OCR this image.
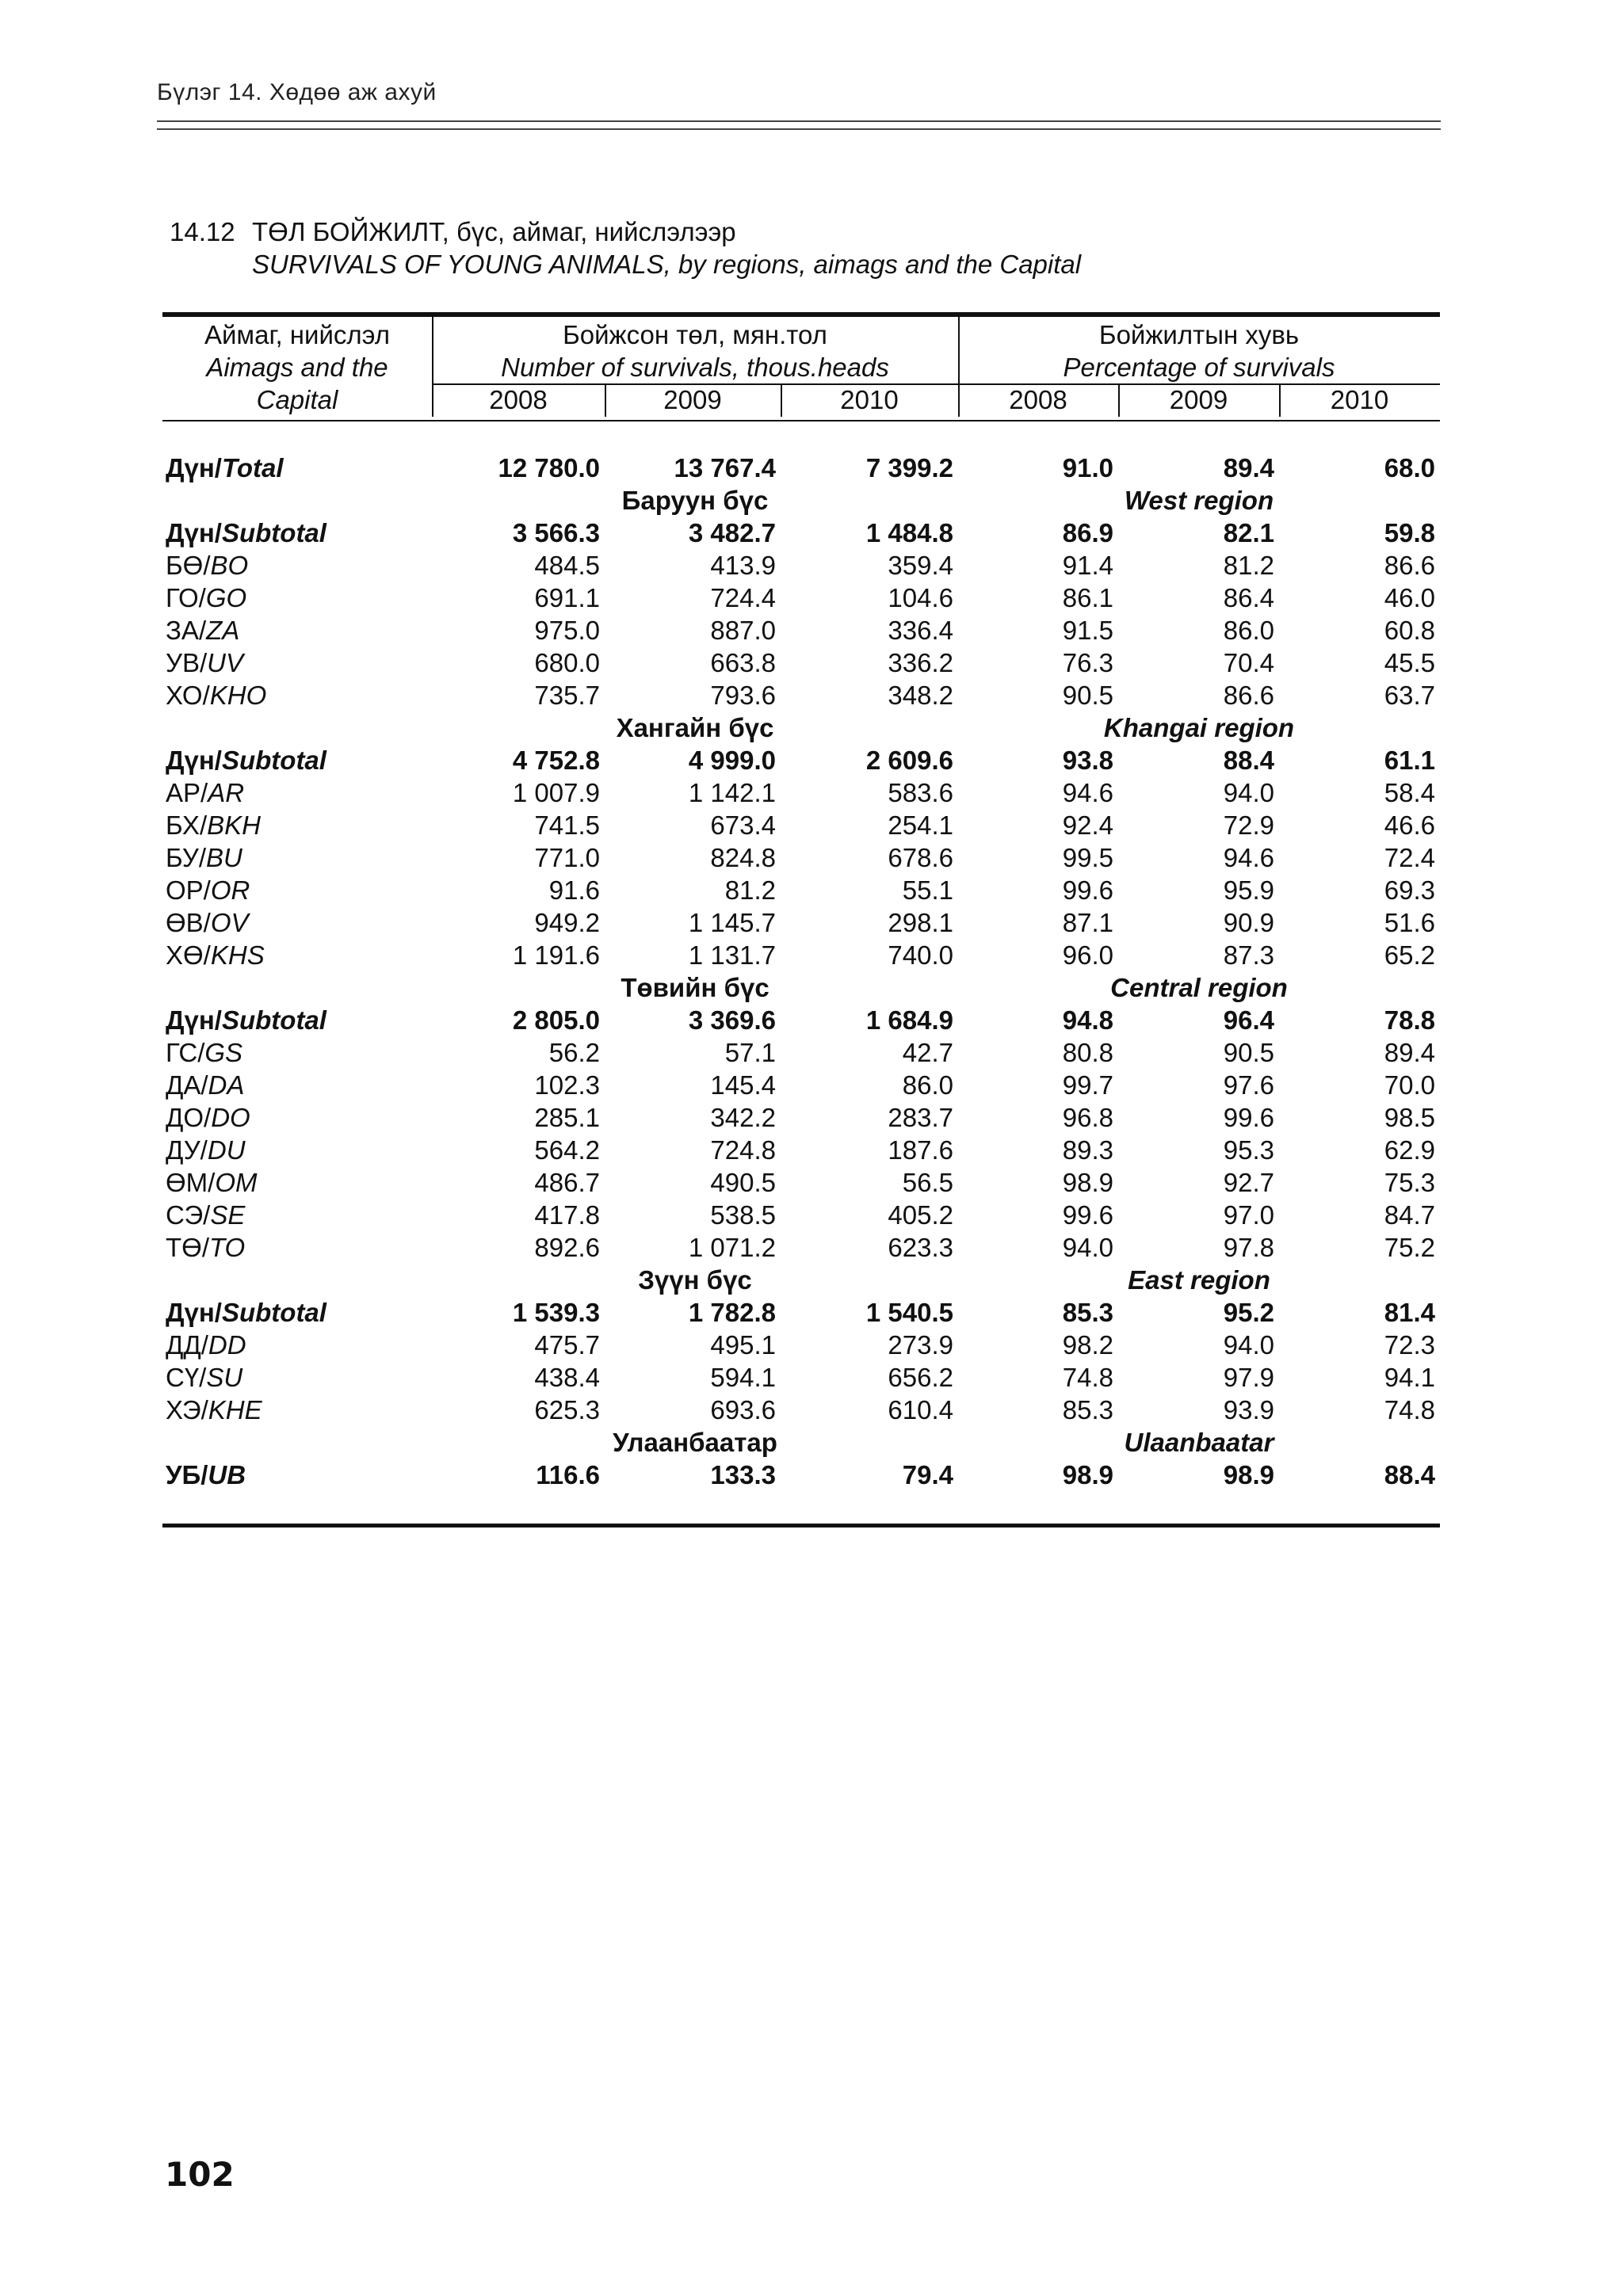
Бүлэг 14. Хөдөө аж ахуй
14.12 ТӨЛ БОЙЖИЛТ, бүс, аймаг, нийслэлээр
SURVIVALS OF YOUNG ANIMALS, by regions, aimags and the Capital
Аймаг, нийслэл
Aimags and the
Capital
Бойжсон төл, мян.тол
Number of survivals, thous.heads
Бойжилтын хувь
Percentage of survivals
2008	2009	2010	2008	2009	2010
Дүн/Total	12 780.0	13 767.4	7 399.2	91.0	89.4	68.0
	Баруун бүс			West region		
Дүн/Subtotal	3 566.3	3 482.7	1 484.8	86.9	82.1	59.8
БӨ/BO	484.5	413.9	359.4	91.4	81.2	86.6
ГО/GO	691.1	724.4	104.6	86.1	86.4	46.0
ЗА/ZA	975.0	887.0	336.4	91.5	86.0	60.8
УВ/UV	680.0	663.8	336.2	76.3	70.4	45.5
ХО/KHO	735.7	793.6	348.2	90.5	86.6	63.7
	Хангайн бүс			Khangai region		
Дүн/Subtotal	4 752.8	4 999.0	2 609.6	93.8	88.4	61.1
АР/AR	1 007.9	1 142.1	583.6	94.6	94.0	58.4
БХ/BKH	741.5	673.4	254.1	92.4	72.9	46.6
БУ/BU	771.0	824.8	678.6	99.5	94.6	72.4
ОР/OR	91.6	81.2	55.1	99.6	95.9	69.3
ӨВ/OV	949.2	1 145.7	298.1	87.1	90.9	51.6
ХӨ/KHS	1 191.6	1 131.7	740.0	96.0	87.3	65.2
	Төвийн бүс			Central region		
Дүн/Subtotal	2 805.0	3 369.6	1 684.9	94.8	96.4	78.8
ГС/GS	56.2	57.1	42.7	80.8	90.5	89.4
ДА/DA	102.3	145.4	86.0	99.7	97.6	70.0
ДО/DO	285.1	342.2	283.7	96.8	99.6	98.5
ДУ/DU	564.2	724.8	187.6	89.3	95.3	62.9
ӨМ/OM	486.7	490.5	56.5	98.9	92.7	75.3
СЭ/SE	417.8	538.5	405.2	99.6	97.0	84.7
ТӨ/TO	892.6	1 071.2	623.3	94.0	97.8	75.2
	Зүүн бүс			East region		
Дүн/Subtotal	1 539.3	1 782.8	1 540.5	85.3	95.2	81.4
ДД/DD	475.7	495.1	273.9	98.2	94.0	72.3
СҮ/SU	438.4	594.1	656.2	74.8	97.9	94.1
ХЭ/KHE	625.3	693.6	610.4	85.3	93.9	74.8
	Улаанбаатар			Ulaanbaatar		
УБ/UB	116.6	133.3	79.4	98.9	98.9	88.4
102
